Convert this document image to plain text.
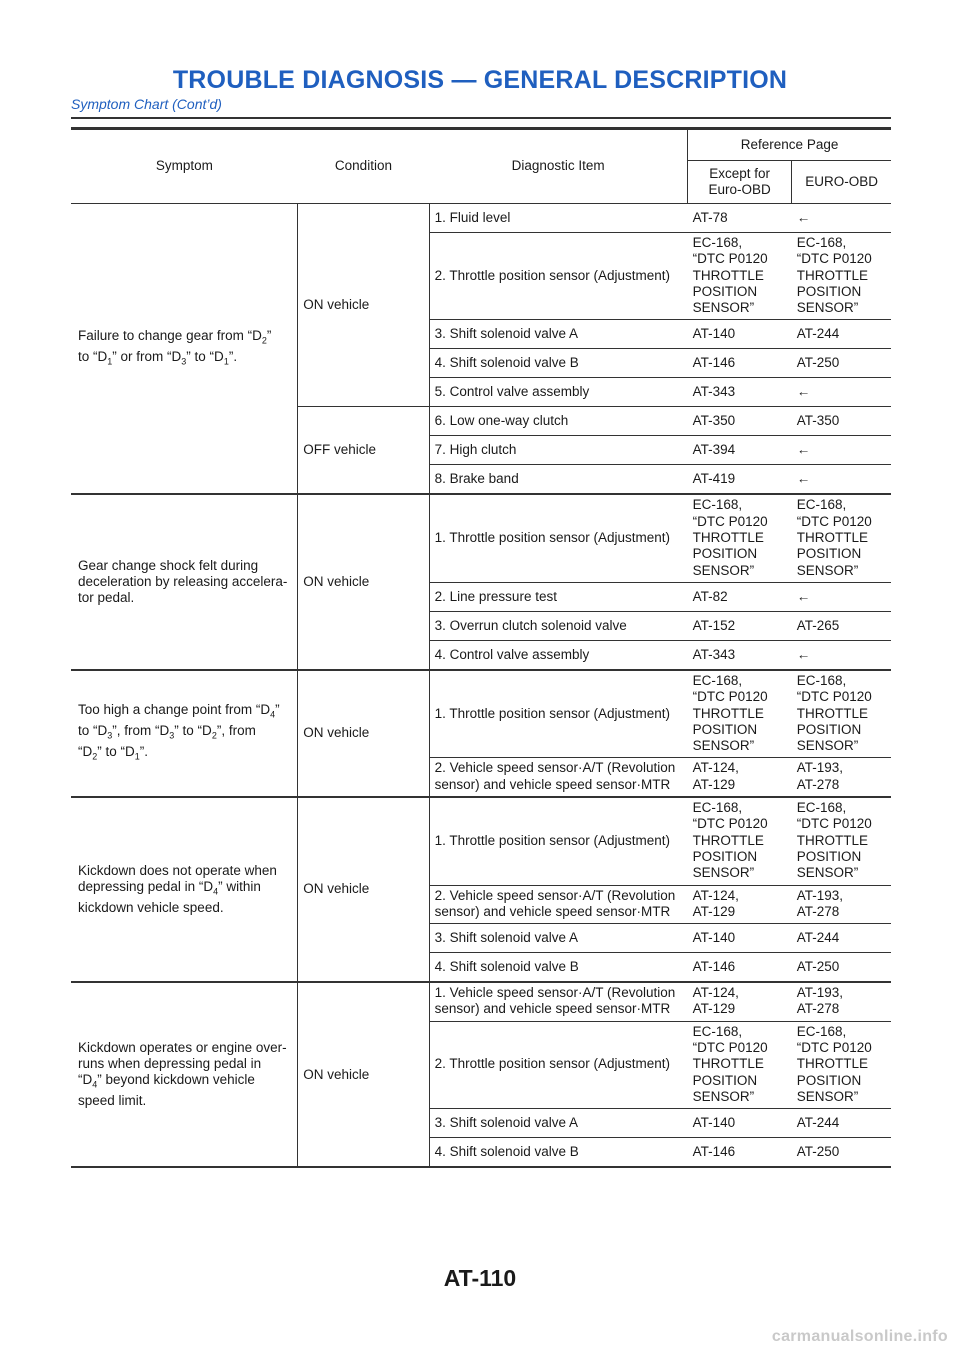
TROUBLE DIAGNOSIS — GENERAL DESCRIPTION
Symptom Chart (Cont’d)
Symptom	Condition	Diagnostic Item	Reference Page	
			Except for
Euro-OBD	EURO-OBD
Failure to change gear from “$D_2$”
to “$D_1$” or from “$D_3$” to “$D_1$”.	ON vehicle	1. Fluid level	AT-78	←
		2. Throttle position sensor (Adjustment)	EC-168,
“DTC P0120
THROTTLE
POSITION
SENSOR”	EC-168,
“DTC P0120
THROTTLE
POSITION
SENSOR”
		3. Shift solenoid valve A	AT-140	AT-244
		4. Shift solenoid valve B	AT-146	AT-250
		5. Control valve assembly	AT-343	←
	OFF vehicle	6. Low one-way clutch	AT-350	AT-350
		7. High clutch	AT-394	←
		8. Brake band	AT-419	←
Gear change shock felt during
deceleration by releasing accelera-
tor pedal.	ON vehicle	1. Throttle position sensor (Adjustment)	EC-168,
“DTC P0120
THROTTLE
POSITION
SENSOR”	EC-168,
“DTC P0120
THROTTLE
POSITION
SENSOR”
		2. Line pressure test	AT-82	←
		3. Overrun clutch solenoid valve	AT-152	AT-265
		4. Control valve assembly	AT-343	←
Too high a change point from “$D_4$”
to “$D_3$”, from “$D_3$” to “$D_2$”, from
“$D_2$” to “$D_1$”.	ON vehicle	1. Throttle position sensor (Adjustment)	EC-168,
“DTC P0120
THROTTLE
POSITION
SENSOR”	EC-168,
“DTC P0120
THROTTLE
POSITION
SENSOR”
		2. Vehicle speed sensor·A/T (Revolution
sensor) and vehicle speed sensor·MTR	AT-124,
AT-129	AT-193,
AT-278
Kickdown does not operate when
depressing pedal in “$D_4$” within
kickdown vehicle speed.	ON vehicle	1. Throttle position sensor (Adjustment)	EC-168,
“DTC P0120
THROTTLE
POSITION
SENSOR”	EC-168,
“DTC P0120
THROTTLE
POSITION
SENSOR”
		2. Vehicle speed sensor·A/T (Revolution
sensor) and vehicle speed sensor·MTR	AT-124,
AT-129	AT-193,
AT-278
		3. Shift solenoid valve A	AT-140	AT-244
		4. Shift solenoid valve B	AT-146	AT-250
Kickdown operates or engine over-
runs when depressing pedal in
“$D_4$” beyond kickdown vehicle
speed limit.	ON vehicle	1. Vehicle speed sensor·A/T (Revolution
sensor) and vehicle speed sensor·MTR	AT-124,
AT-129	AT-193,
AT-278
		2. Throttle position sensor (Adjustment)	EC-168,
“DTC P0120
THROTTLE
POSITION
SENSOR”	EC-168,
“DTC P0120
THROTTLE
POSITION
SENSOR”
		3. Shift solenoid valve A	AT-140	AT-244
		4. Shift solenoid valve B	AT-146	AT-250
AT-110
carmanualsonline.info
